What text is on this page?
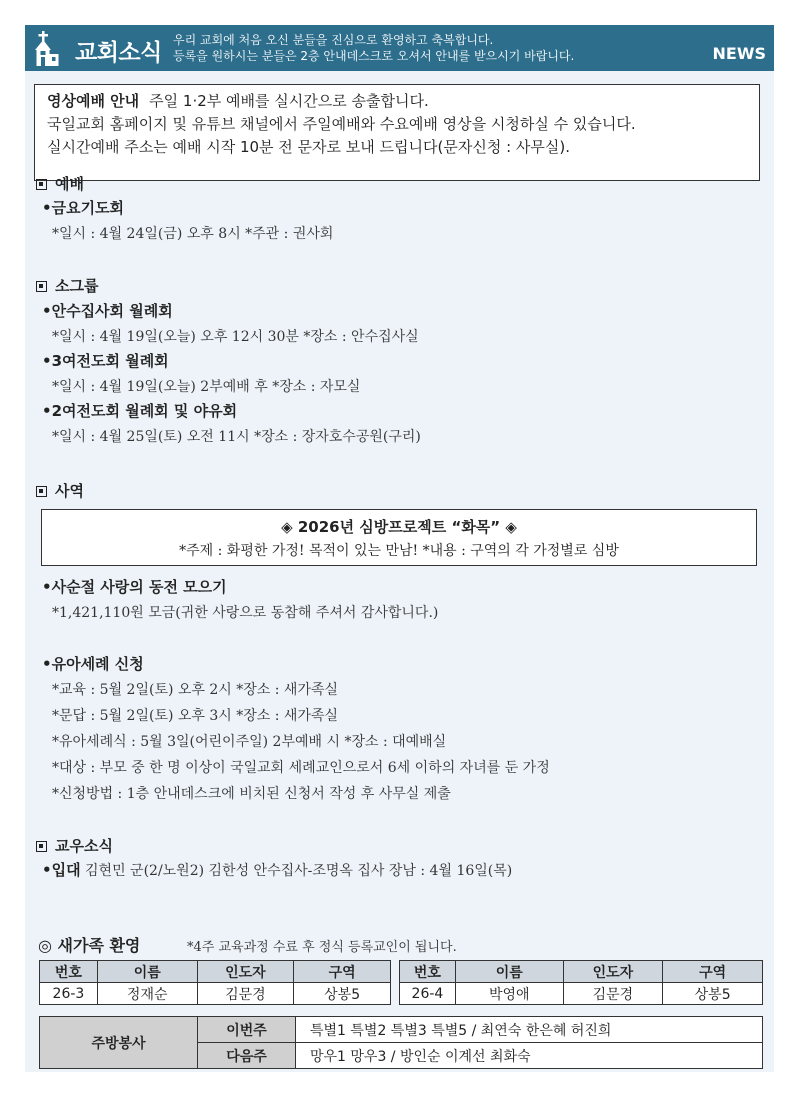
교회소식 우리 교회에 처음 오신 분들을 진심으로 환영하고 축복합니다.
등록을 원하시는 분들은 2층 안내데스크로 오셔서 안내를 받으시기 바랍니다.	NEWS
영상예배 안내 주일 1·2부 예배를 실시간으로 송출합니다.
국일교회 홈페이지 및 유튜브 채널에서 주일예배와 수요예배 영상을 시청하실 수 있습니다.
실시간예배 주소는 예배 시작 10분 전 문자로 보내 드립니다(문자신청 : 사무실).
예배
•금요기도회
*일시 : 4월 24일(금) 오후 8시 *주관 : 권사회
소그룹
•안수집사회 월례회
*일시 : 4월 19일(오늘) 오후 12시 30분 *장소 : 안수집사실
•3여전도회 월례회
*일시 : 4월 19일(오늘) 2부예배 후 *장소 : 자모실
•2여전도회 월례회 및 야유회
*일시 : 4월 25일(토) 오전 11시 *장소 : 장자호수공원(구리)
사역
◈ 2026년 심방프로젝트 “화목” ◈
*주제 : 화평한 가정! 목적이 있는 만남! *내용 : 구역의 각 가정별로 심방
•사순절 사랑의 동전 모으기
*1,421,110원 모금(귀한 사랑으로 동참해 주셔서 감사합니다.)
•유아세례 신청
*교육 : 5월 2일(토) 오후 2시 *장소 : 새가족실
*문답 : 5월 2일(토) 오후 3시 *장소 : 새가족실
*유아세례식 : 5월 3일(어린이주일) 2부예배 시 *장소 : 대예배실
*대상 : 부모 중 한 명 이상이 국일교회 세례교인으로서 6세 이하의 자녀를 둔 가정
*신청방법 : 1층 안내데스크에 비치된 신청서 작성 후 사무실 제출
교우소식
•입대 김현민 군(2/노원2) 김한성 안수집사-조명옥 집사 장남 : 4월 16일(목)
◎ 새가족 환영	*4주 교육과정 수료 후 정식 등록교인이 됩니다.
번호	이름	인도자	구역
26-3	정재순	김문경	상봉5
번호	이름	인도자	구역
26-4	박영애	김문경	상봉5
주방봉사	이번주	특별1 특별2 특별3 특별5 / 최연숙 한은혜 허진희
	다음주	망우1 망우3 / 방인순 이계선 최화숙
